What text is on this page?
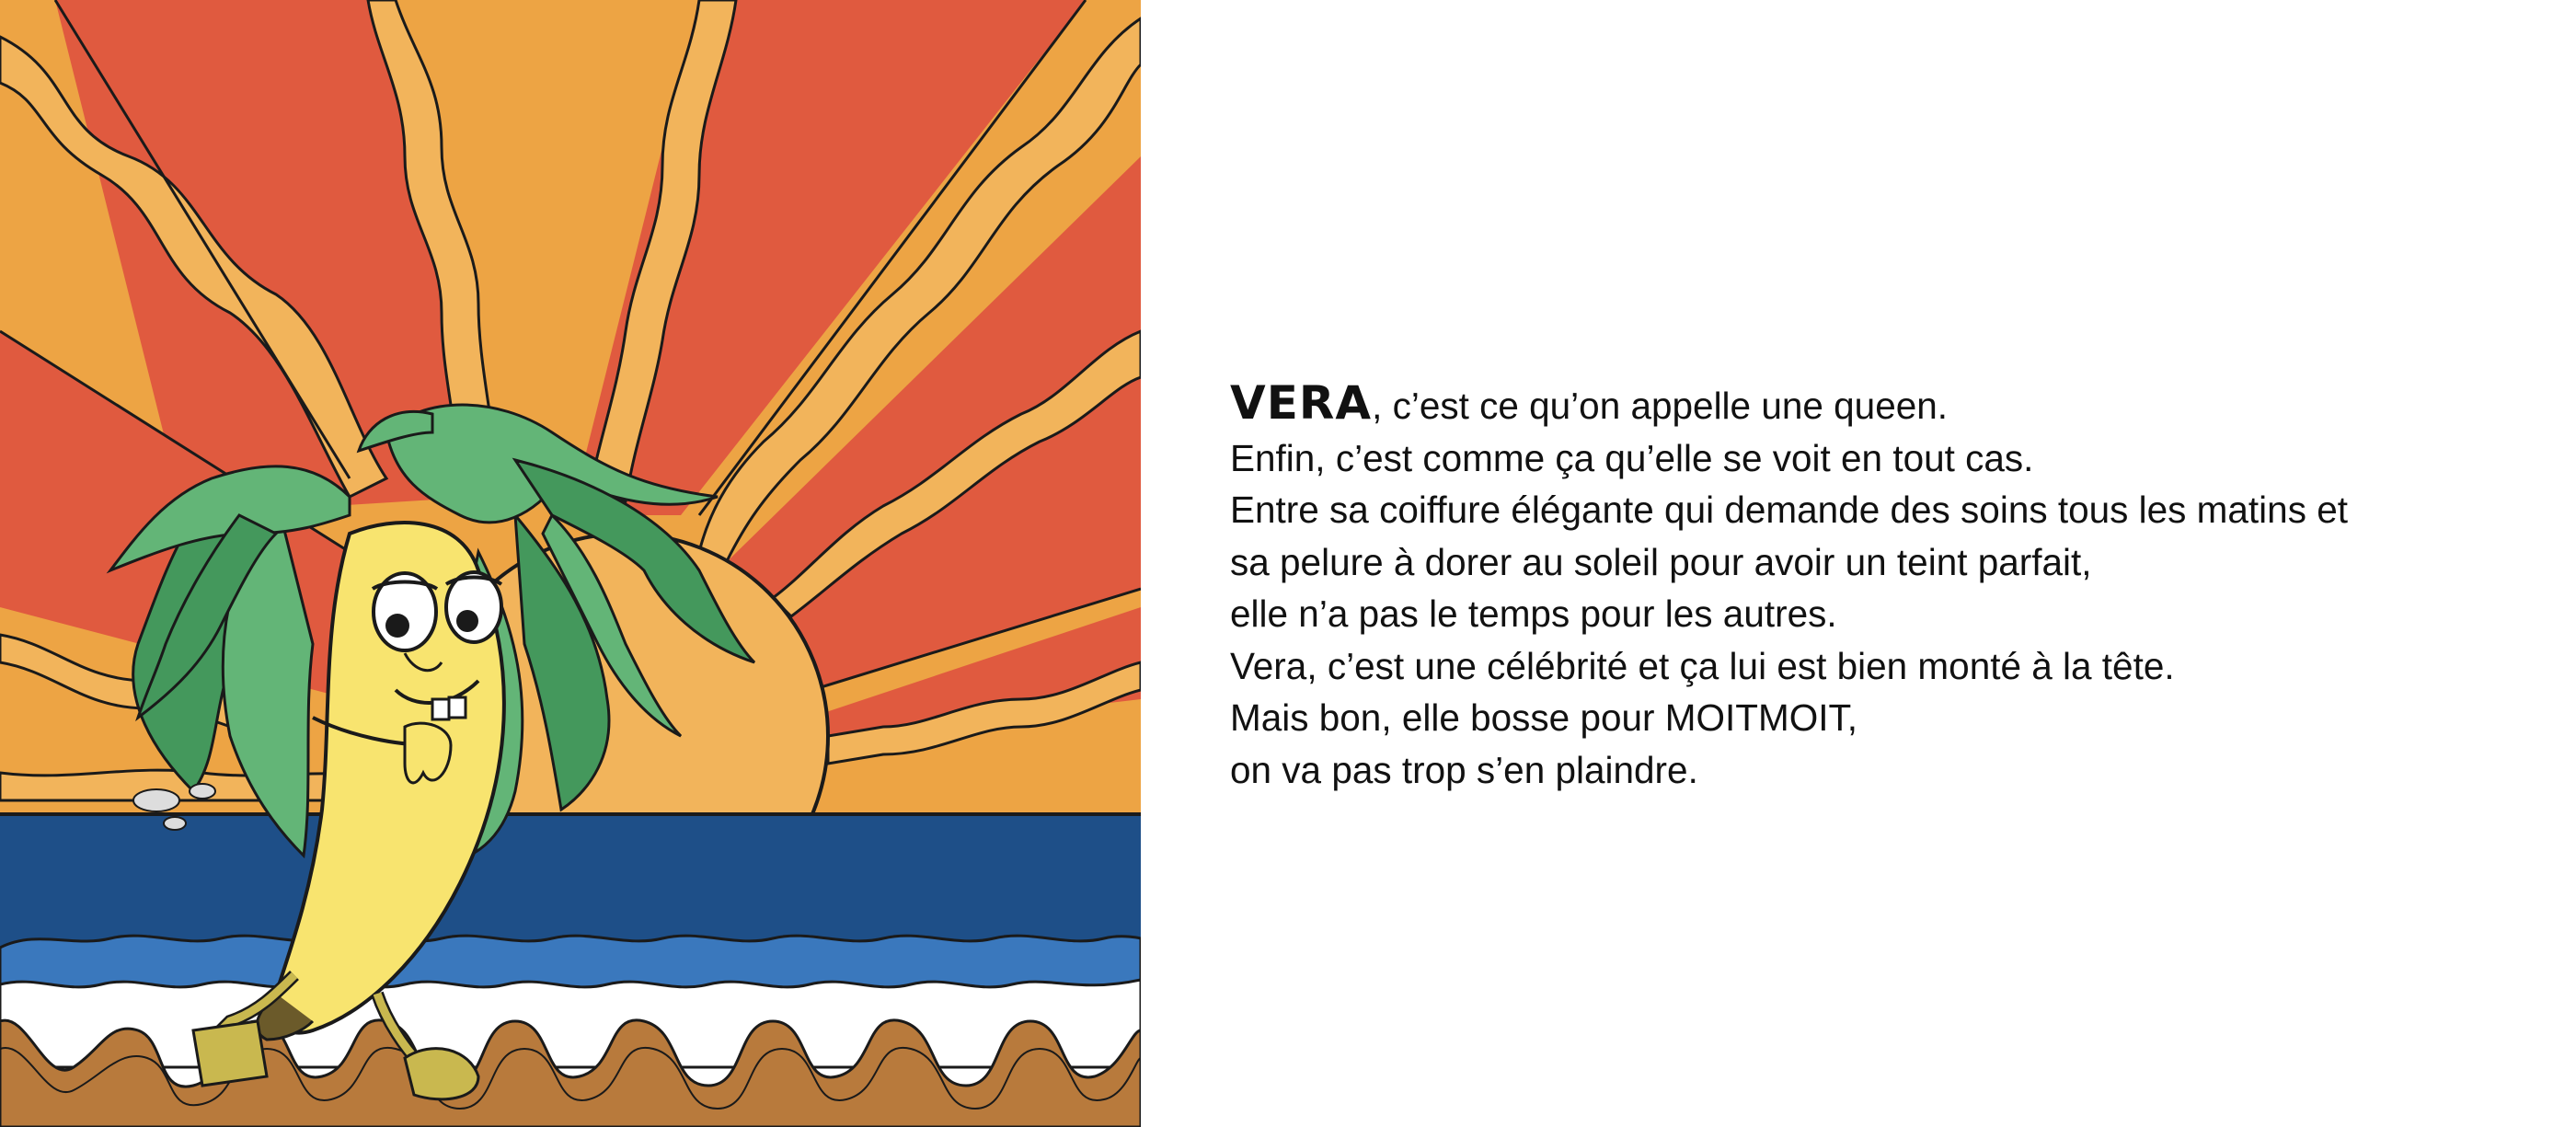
VERA, c’est ce qu’on appelle une queen.
Enfin, c’est comme ça qu’elle se voit en tout cas.
Entre sa coiffure élégante qui demande des soins tous les matins et
sa pelure à dorer au soleil pour avoir un teint parfait,
elle n’a pas le temps pour les autres.
Vera, c’est une célébrité et ça lui est bien monté à la tête.
Mais bon, elle bosse pour MOITMOIT,
on va pas trop s’en plaindre.
